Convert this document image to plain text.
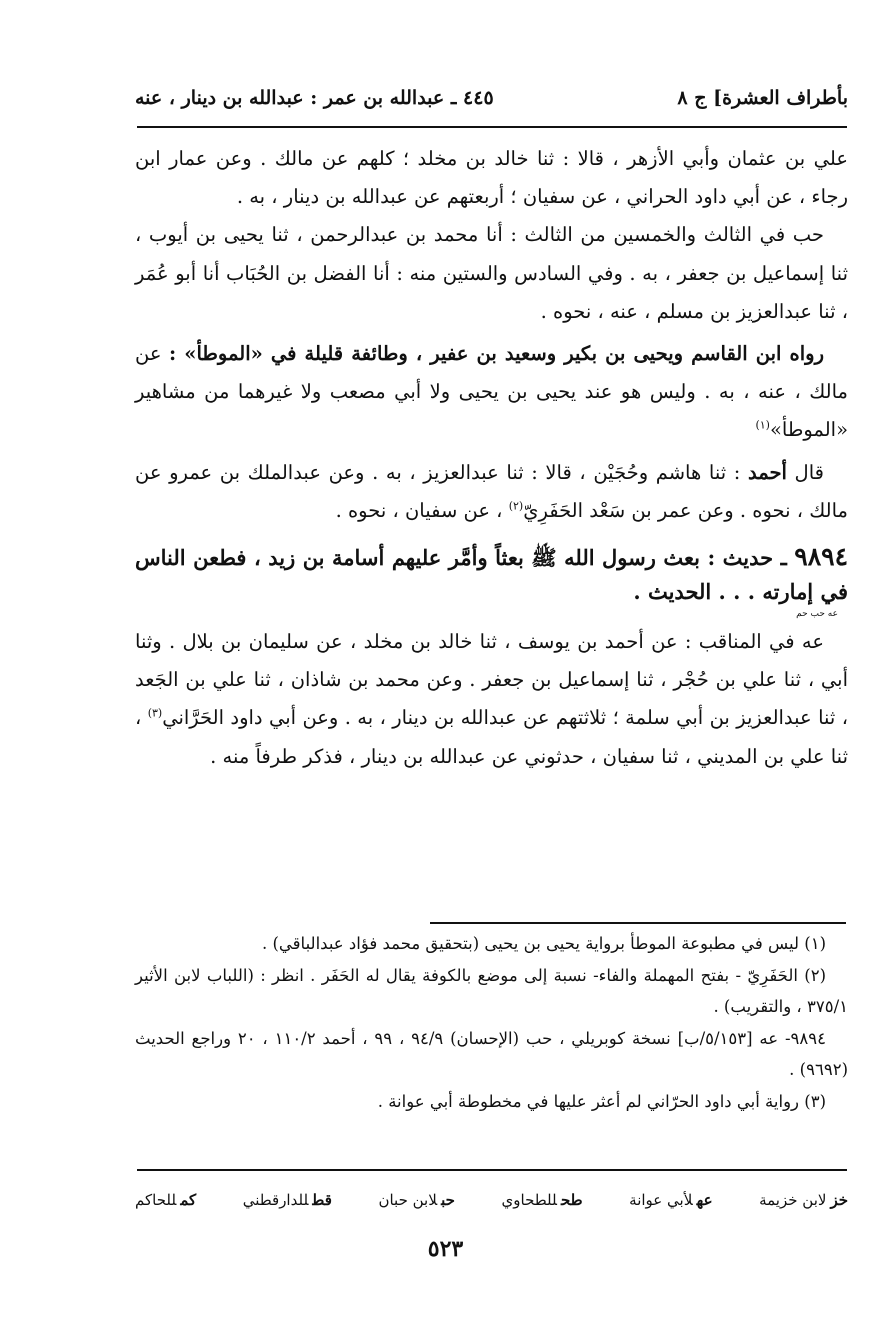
بأطراف العشرة] ج ٨
٤٤٥ ـ عبدالله بن عمر : عبدالله بن دينار ، عنه

علي بن عثمان وأبي الأزهر ، قالا : ثنا خالد بن مخلد ؛ كلهم عن مالك . وعن عمار ابن رجاء ، عن أبي داود الحراني ، عن سفيان ؛ أربعتهم عن عبدالله بن دينار ، به .

حب في الثالث والخمسين من الثالث : أنا محمد بن عبدالرحمن ، ثنا يحيى بن أيوب ، ثنا إسماعيل بن جعفر ، به . وفي السادس والستين منه : أنا الفضل بن الحُبَاب أنا أبو عُمَر ، ثنا عبدالعزيز بن مسلم ، عنه ، نحوه .

رواه ابن القاسم ويحيى بن بكير وسعيد بن عفير ، وطائفة قليلة في «الموطأ» : عن مالك ، عنه ، به . وليس هو عند يحيى بن يحيى ولا أبي مصعب ولا غيرهما من مشاهير «الموطأ»$^{(١)}$

قال أحمد : ثنا هاشم وحُجَيْن ، قالا : ثنا عبدالعزيز ، به . وعن عبدالملك بن عمرو عن مالك ، نحوه . وعن عمر بن سَعْد الحَفَرِيّ$^{(٢)}$ ، عن سفيان ، نحوه .

٩٨٩٤ ـ حديث : بعث رسول الله ﷺ بعثاً وأمَّر عليهم أسامة بن زيد ، فطعن الناس في إمارته . . . الحديث .
عه حب حم

عه في المناقب : عن أحمد بن يوسف ، ثنا خالد بن مخلد ، عن سليمان بن بلال . وثنا أبي ، ثنا علي بن حُجْر ، ثنا إسماعيل بن جعفر . وعن محمد بن شاذان ، ثنا علي بن الجَعد ، ثنا عبدالعزيز بن أبي سلمة ؛ ثلاثتهم عن عبدالله بن دينار ، به . وعن أبي داود الحَرَّاني$^{(٣)}$ ، ثنا علي بن المديني ، ثنا سفيان ، حدثوني عن عبدالله بن دينار ، فذكر طرفاً منه .

(١) ليس في مطبوعة الموطأ برواية يحيى بن يحيى (بتحقيق محمد فؤاد عبدالباقي) .

(٢) الحَفَرِيّ - بفتح المهملة والفاء- نسبة إلى موضع بالكوفة يقال له الحَفَر . انظر : (اللباب لابن الأثير ٣٧٥/١ ، والتقريب) .

٩٨٩٤- عه [٥/١٥٣/ب] نسخة كوبريلي ، حب (الإحسان) ٩٤/٩ ، ٩٩ ، أحمد ١١٠/٢ ، ٢٠ وراجع الحديث (٩٦٩٢) .

(٣) رواية أبي داود الحرّاني لم أعثر عليها في مخطوطة أبي عوانة .

خزلابن خزيمة
عهلأبي عوانة
طحللطحاوي
حبلابن حبان
قطللدارقطني
كمللحاكم
٥٢٣
